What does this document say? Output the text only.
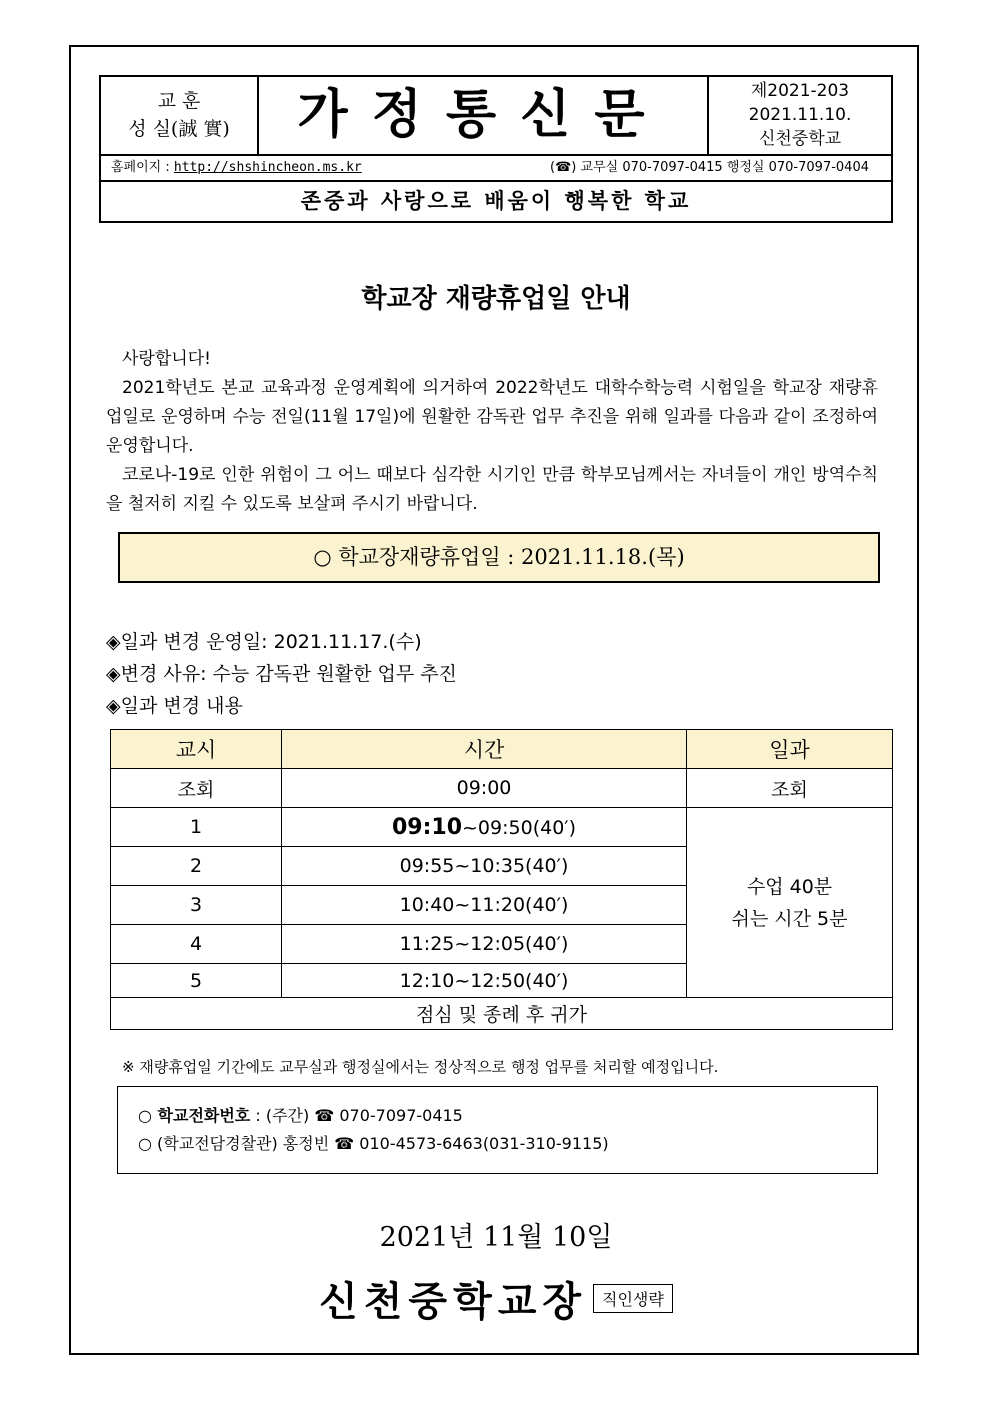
교 훈
성 실(誠 實)	가정통신문	제2021-203
2021.11.10.
신천중학교
홈페이지 : http://shshincheon.ms.kr	(☎) 교무실 070-7097-0415 행정실 070-7097-0404
존중과 사랑으로 배움이 행복한 학교
학교장 재량휴업일 안내

사랑합니다!

2021학년도 본교 교육과정 운영계획에 의거하여 2022학년도 대학수학능력 시험일을 학교장 재량휴업일로 운영하며 수능 전일(11월 17일)에 원활한 감독관 업무 추진을 위해 일과를 다음과 같이 조정하여 운영합니다.

코로나-19로 인한 위험이 그 어느 때보다 심각한 시기인 만큼 학부모님께서는 자녀들이 개인 방역수칙을 철저히 지킬 수 있도록 보살펴 주시기 바랍니다.

○ 학교장재량휴업일 : 2021.11.18.(목)
◈일과 변경 운영일: 2021.11.17.(수)
◈변경 사유: 수능 감독관 원활한 업무 추진
◈일과 변경 내용
교시	시간	일과
조회	09:00	조회
1	09:10~09:50(40′)	수업 40분
쉬는 시간 5분

2	09:55~10:35(40′)	
3	10:40~11:20(40′)	
4	11:25~12:05(40′)	
5	12:10~12:50(40′)	
점심 및 종례 후 귀가		
※ 재량휴업일 기간에도 교무실과 행정실에서는 정상적으로 행정 업무를 처리할 예정입니다.
○ 학교전화번호 : (주간) ☎ 070-7097-0415
○ (학교전담경찰관) 홍정빈 ☎ 010-4573-6463(031-310-9115)
2021년 11월 10일
신천중학교장 직인생략
